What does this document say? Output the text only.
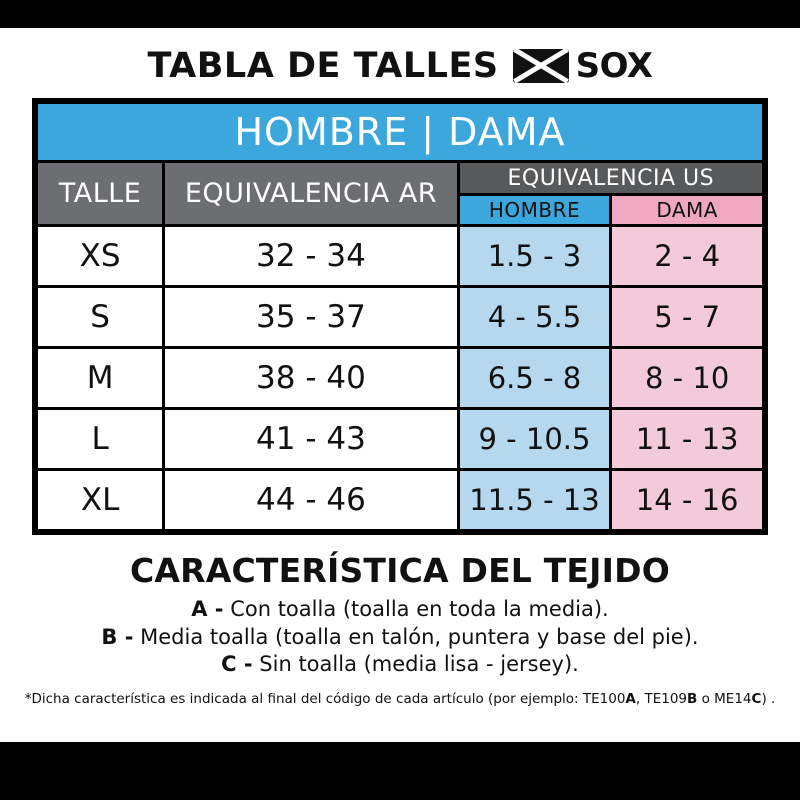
TABLA DE TALLES SOX
HOMBRE | DAMA			
TALLE	EQUIVALENCIA AR	EQUIVALENCIA US	
		HOMBRE	DAMA
XS	32 - 34	1.5 - 3	2 - 4
S	35 - 37	4 - 5.5	5 - 7
M	38 - 40	6.5 - 8	8 - 10
L	41 - 43	9 - 10.5	11 - 13
XL	44 - 46	11.5 - 13	14 - 16
CARACTERÍSTICA DEL TEJIDO
A - Con toalla (toalla en toda la media).
B - Media toalla (toalla en talón, puntera y base del pie).
C - Sin toalla (media lisa - jersey).
*Dicha característica es indicada al final del código de cada artículo (por ejemplo: TE100A, TE109B o ME14C) .
